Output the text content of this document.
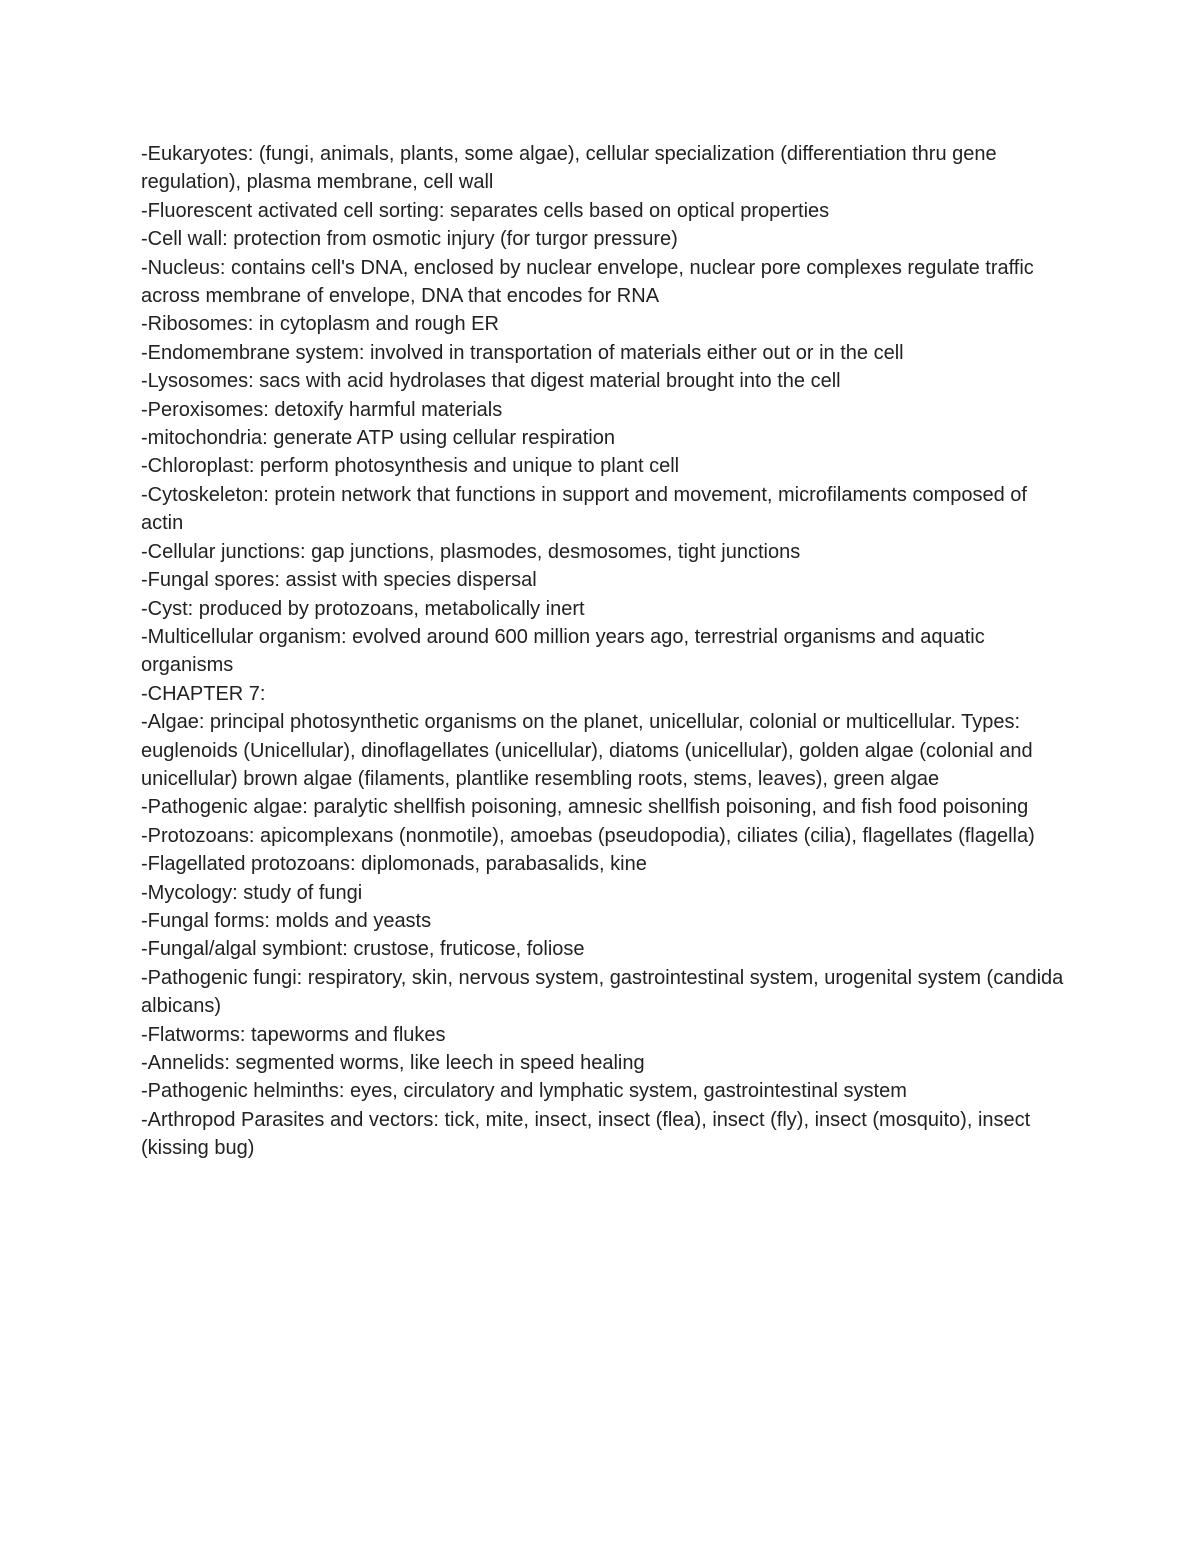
-Eukaryotes: (fungi, animals, plants, some algae), cellular specialization (differentiation thru gene regulation), plasma membrane, cell wall

-Fluorescent activated cell sorting: separates cells based on optical properties

-Cell wall: protection from osmotic injury (for turgor pressure)

-Nucleus: contains cell's DNA, enclosed by nuclear envelope, nuclear pore complexes regulate traffic across membrane of envelope, DNA that encodes for RNA

-Ribosomes: in cytoplasm and rough ER

-Endomembrane system: involved in transportation of materials either out or in the cell

-Lysosomes: sacs with acid hydrolases that digest material brought into the cell

-Peroxisomes: detoxify harmful materials

-mitochondria: generate ATP using cellular respiration

-Chloroplast: perform photosynthesis and unique to plant cell

-Cytoskeleton: protein network that functions in support and movement, microfilaments composed of actin

-Cellular junctions: gap junctions, plasmodes, desmosomes, tight junctions

-Fungal spores: assist with species dispersal

-Cyst: produced by protozoans, metabolically inert

-Multicellular organism: evolved around 600 million years ago, terrestrial organisms and aquatic organisms

-CHAPTER 7:

-Algae: principal photosynthetic organisms on the planet, unicellular, colonial or multicellular. Types: euglenoids (Unicellular), dinoflagellates (unicellular), diatoms (unicellular), golden algae (colonial and unicellular) brown algae (filaments, plantlike resembling roots, stems, leaves), green algae

-Pathogenic algae: paralytic shellfish poisoning, amnesic shellfish poisoning, and fish food poisoning

-Protozoans: apicomplexans (nonmotile), amoebas (pseudopodia), ciliates (cilia), flagellates (flagella)

-Flagellated protozoans: diplomonads, parabasalids, kine

-Mycology: study of fungi

-Fungal forms: molds and yeasts

-Fungal/algal symbiont: crustose, fruticose, foliose

-Pathogenic fungi: respiratory, skin, nervous system, gastrointestinal system, urogenital system (candida albicans)

-Flatworms: tapeworms and flukes

-Annelids: segmented worms, like leech in speed healing

-Pathogenic helminths: eyes, circulatory and lymphatic system, gastrointestinal system

-Arthropod Parasites and vectors: tick, mite, insect, insect (flea), insect (fly), insect (mosquito), insect (kissing bug)
